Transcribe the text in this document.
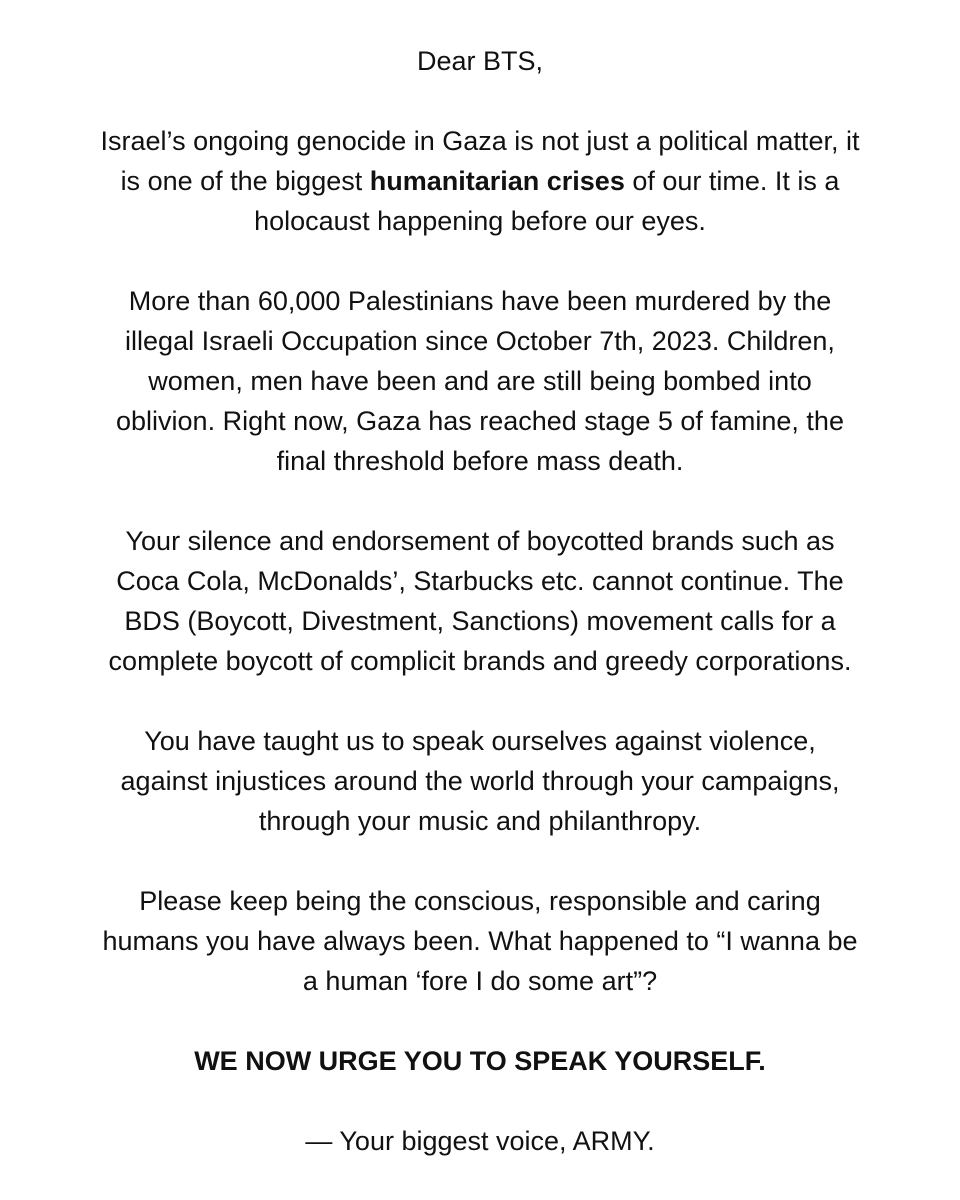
Dear BTS,

Israel’s ongoing genocide in Gaza is not just a political matter, it
is one of the biggest humanitarian crises of our time. It is a
holocaust happening before our eyes.

More than 60,000 Palestinians have been murdered by the
illegal Israeli Occupation since October 7th, 2023. Children,
women, men have been and are still being bombed into
oblivion. Right now, Gaza has reached stage 5 of famine, the
final threshold before mass death.

Your silence and endorsement of boycotted brands such as
Coca Cola, McDonalds’, Starbucks etc. cannot continue. The
BDS (Boycott, Divestment, Sanctions) movement calls for a
complete boycott of complicit brands and greedy corporations.

You have taught us to speak ourselves against violence,
against injustices around the world through your campaigns,
through your music and philanthropy.

Please keep being the conscious, responsible and caring
humans you have always been. What happened to “I wanna be
a human ‘fore I do some art”?

WE NOW URGE YOU TO SPEAK YOURSELF.

— Your biggest voice, ARMY.
